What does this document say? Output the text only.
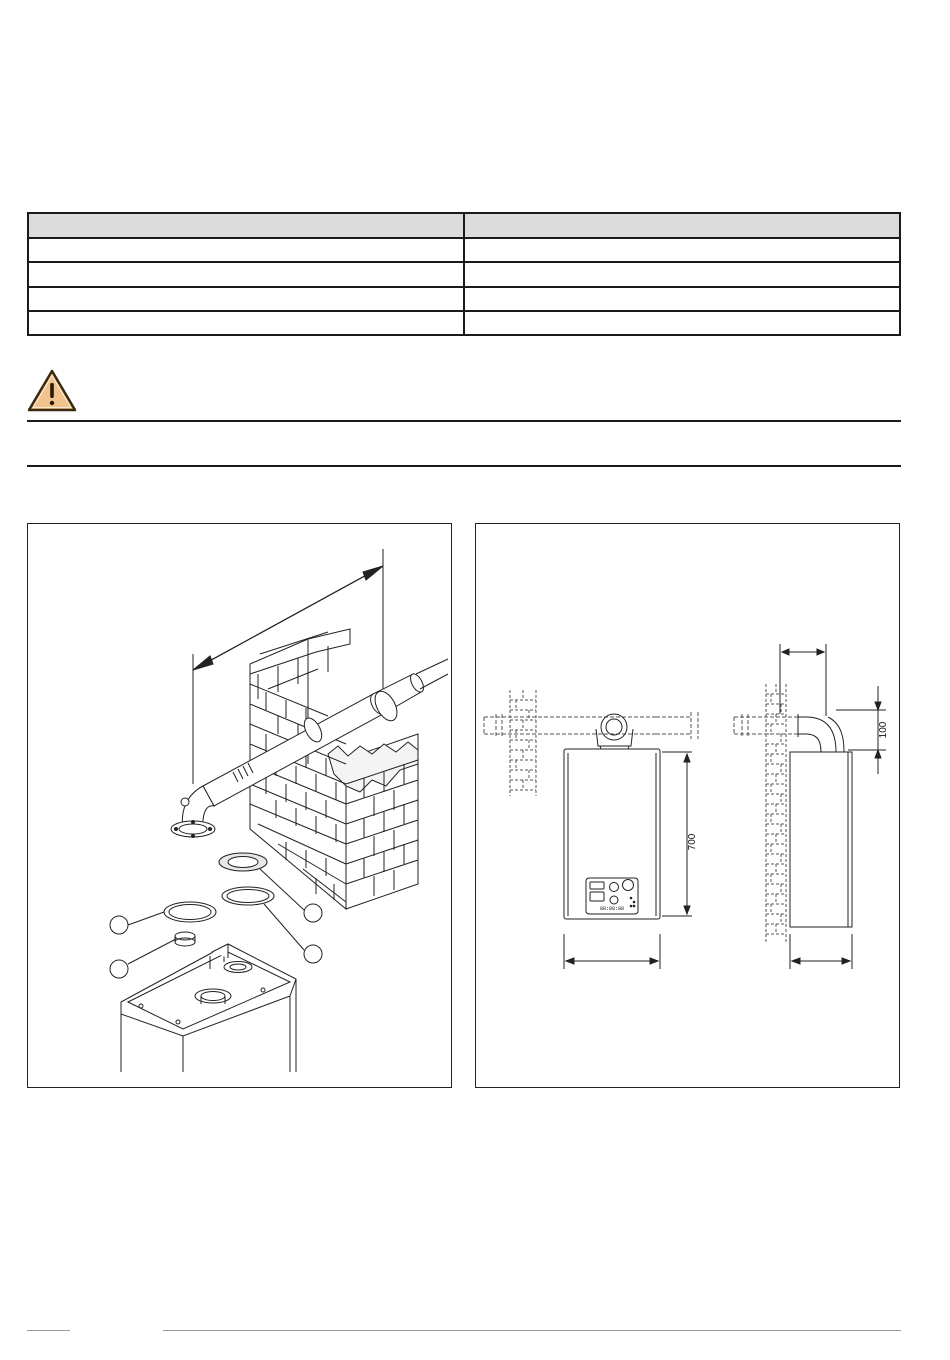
700
100
88:88:88
